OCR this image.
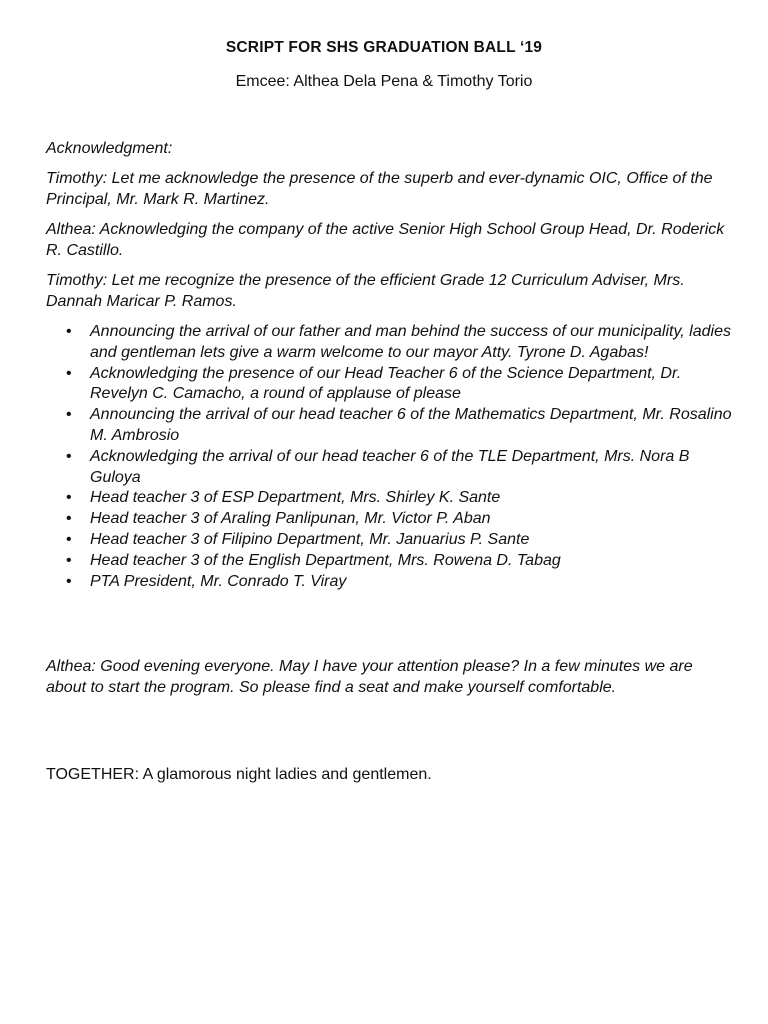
SCRIPT FOR SHS GRADUATION BALL ‘19
Emcee: Althea Dela Pena & Timothy Torio

Acknowledgment:

Timothy: Let me acknowledge the presence of the superb and ever-dynamic OIC, Office of the Principal, Mr. Mark R. Martinez.

Althea: Acknowledging the company of the active Senior High School Group Head, Dr. Roderick R. Castillo.

Timothy: Let me recognize the presence of the efficient Grade 12 Curriculum Adviser, Mrs. Dannah Maricar P. Ramos.

• Announcing the arrival of our father and man behind the success of our municipality, ladies and gentleman lets give a warm welcome to our mayor Atty. Tyrone D. Agabas!
• Acknowledging the presence of our Head Teacher 6 of the Science Department, Dr. Revelyn C. Camacho, a round of applause of please
• Announcing the arrival of our head teacher 6 of the Mathematics Department, Mr. Rosalino M. Ambrosio
• Acknowledging the arrival of our head teacher 6 of the TLE Department, Mrs. Nora B Guloya
• Head teacher 3 of ESP Department, Mrs. Shirley K. Sante
• Head teacher 3 of Araling Panlipunan, Mr. Victor P. Aban
• Head teacher 3 of Filipino Department, Mr. Januarius P. Sante
• Head teacher 3 of the English Department, Mrs. Rowena D. Tabag
• PTA President, Mr. Conrado T. Viray

Althea: Good evening everyone. May I have your attention please? In a few minutes we are about to start the program. So please find a seat and make yourself comfortable.

TOGETHER: A glamorous night ladies and gentlemen.
